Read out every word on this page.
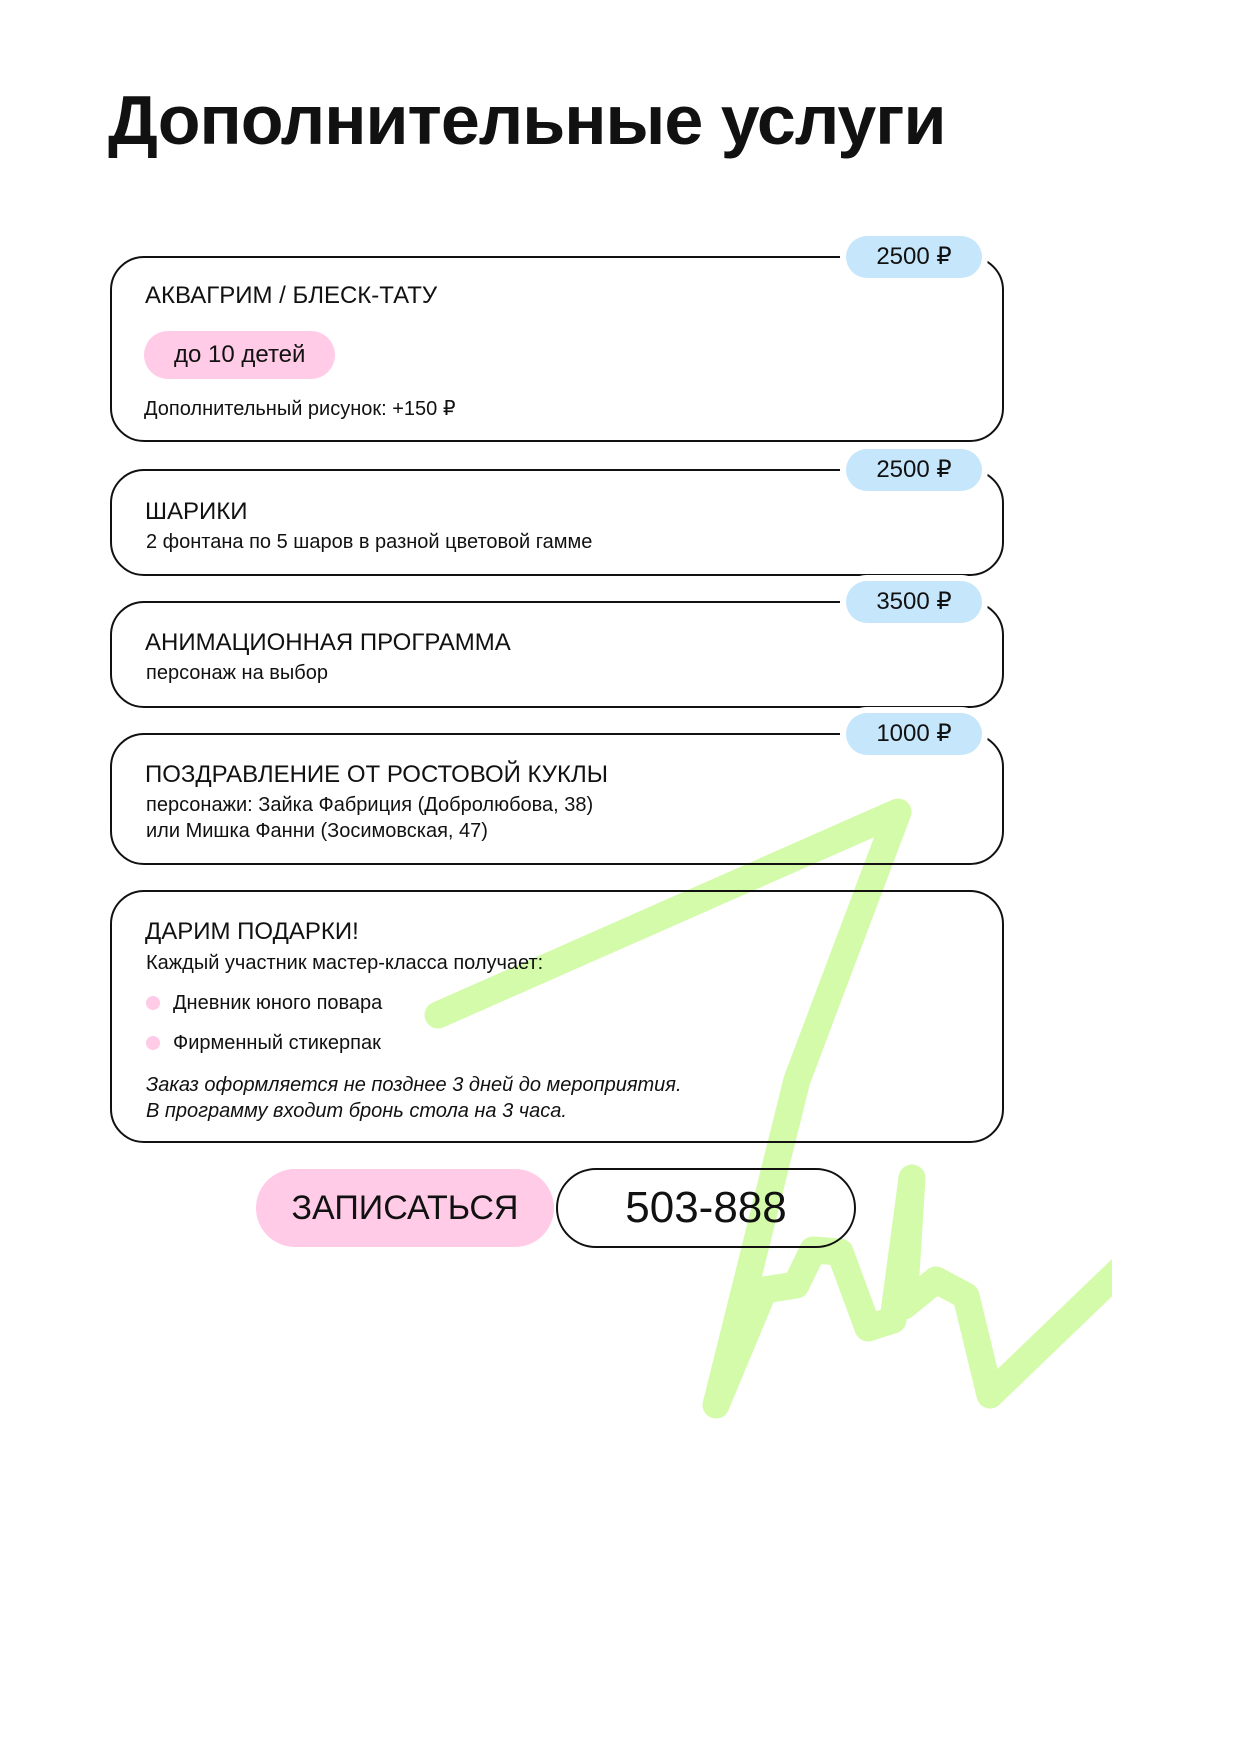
Дополнительные услуги
2500 ₽
АКВАГРИМ / БЛЕСК-ТАТУ
до 10 детей

Дополнительный рисунок: +150 ₽

2500 ₽
ШАРИКИ

2 фонтана по 5 шаров в разной цветовой гамме

3500 ₽
АНИМАЦИОННАЯ ПРОГРАММА

персонаж на выбор

1000 ₽
ПОЗДРАВЛЕНИЕ ОТ РОСТОВОЙ КУКЛЫ

персонажи: Зайка Фабриция (Добролюбова, 38)

или Мишка Фанни (Зосимовская, 47)

ДАРИМ ПОДАРКИ!

Каждый участник мастер-класса получает:

Дневник юного повара
Фирменный стикерпак

Заказ оформляется не позднее 3 дней до мероприятия.

В программу входит бронь стола на 3 часа.

ЗАПИСАТЬСЯ	503-888
